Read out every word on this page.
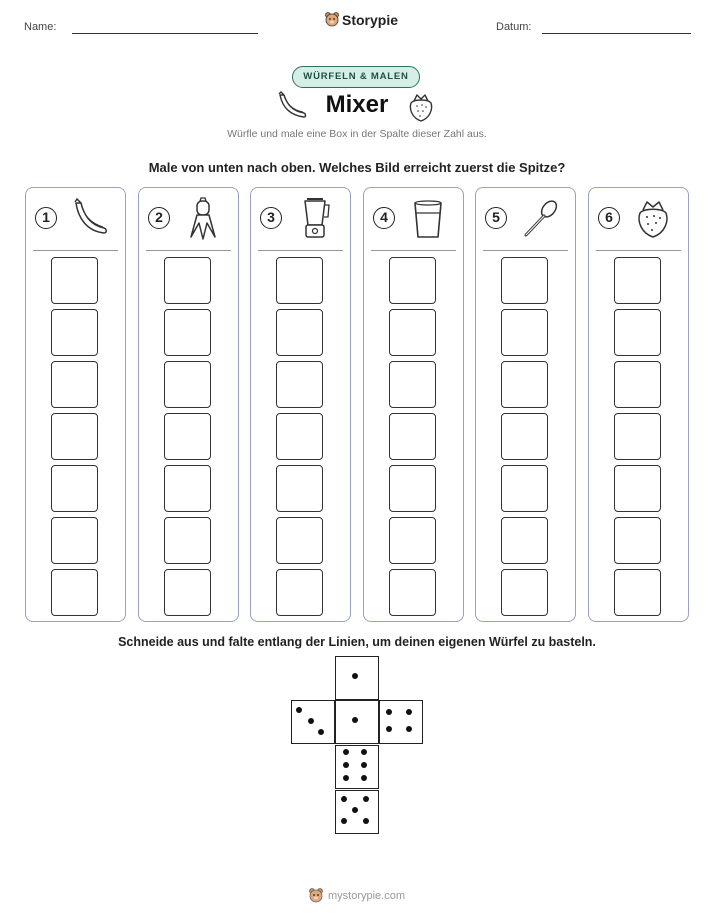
Name:	Storypie	Datum:
WÜRFELN & MALEN
Mixer
Würfle und male eine Box in der Spalte dieser Zahl aus.
Male von unten nach oben. Welches Bild erreicht zuerst die Spitze?
1	2	3	4	5	6
Schneide aus und falte entlang der Linien, um deinen eigenen Würfel zu basteln.
mystorypie.com
